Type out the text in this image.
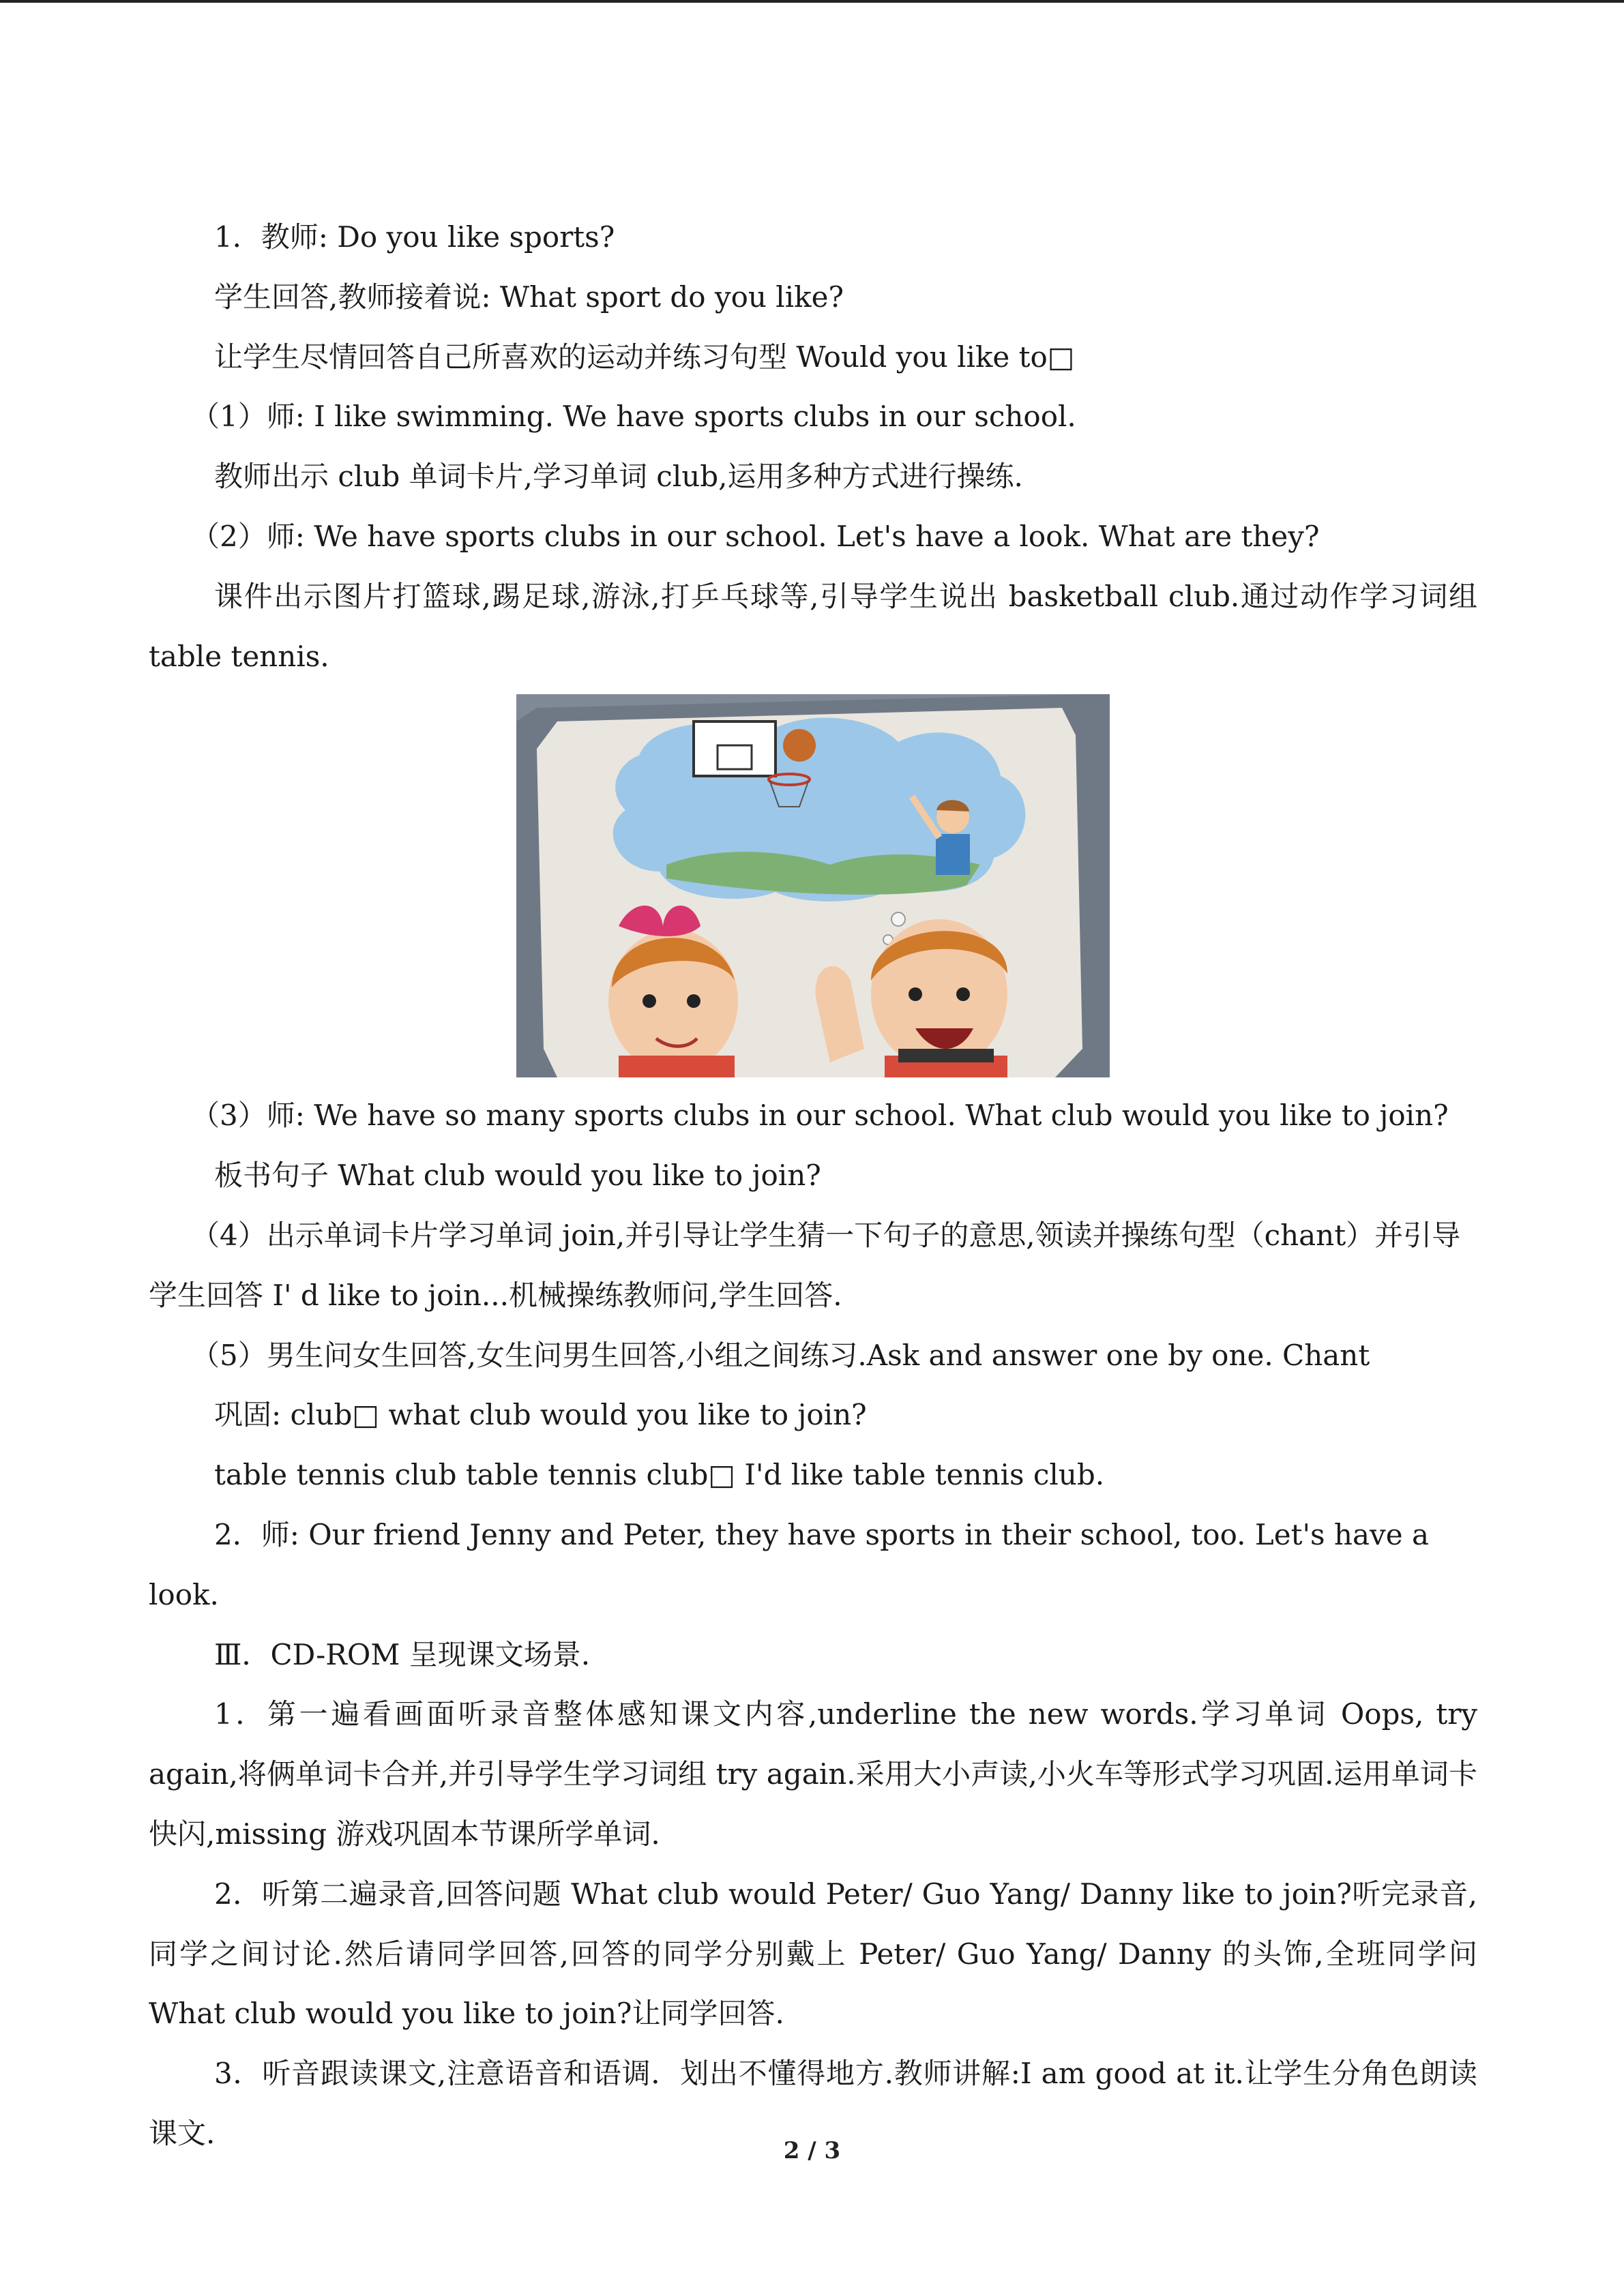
1．教师: Do you like sports?

学生回答,教师接着说: What sport do you like?

让学生尽情回答自己所喜欢的运动并练习句型 Would you like to□

（1）师: I like swimming. We have sports clubs in our school.

教师出示 club 单词卡片,学习单词 club,运用多种方式进行操练.

（2）师: We have sports clubs in our school. Let's have a look. What are they?

课件出示图片打篮球,踢足球,游泳,打乒乓球等,引导学生说出 basketball club.通过动作学习词组 table tennis.

（3）师: We have so many sports clubs in our school. What club would you like to join?

板书句子 What club would you like to join?

（4）出示单词卡片学习单词 join,并引导让学生猜一下句子的意思,领读并操练句型（chant）并引导学生回答 I' d like to join...机械操练教师问,学生回答.

（5）男生问女生回答,女生问男生回答,小组之间练习.Ask and answer one by one. Chant

巩固: club□ what club would you like to join?

table tennis club table tennis club□ I'd like table tennis club.

2．师: Our friend Jenny and Peter, they have sports in their school, too. Let's have a look.

Ⅲ．CD-ROM 呈现课文场景.

1．第一遍看画面听录音整体感知课文内容,underline the new words.学习单词 Oops, try again,将俩单词卡合并,并引导学生学习词组 try again.采用大小声读,小火车等形式学习巩固.运用单词卡快闪,missing 游戏巩固本节课所学单词.

2．听第二遍录音,回答问题 What club would Peter/ Guo Yang/ Danny like to join?听完录音,同学之间讨论.然后请同学回答,回答的同学分别戴上 Peter/ Guo Yang/ Danny 的头饰,全班同学问 What club would you like to join?让同学回答.

3．听音跟读课文,注意语音和语调．划出不懂得地方.教师讲解:I am good at it.让学生分角色朗读课文.

2 / 3
